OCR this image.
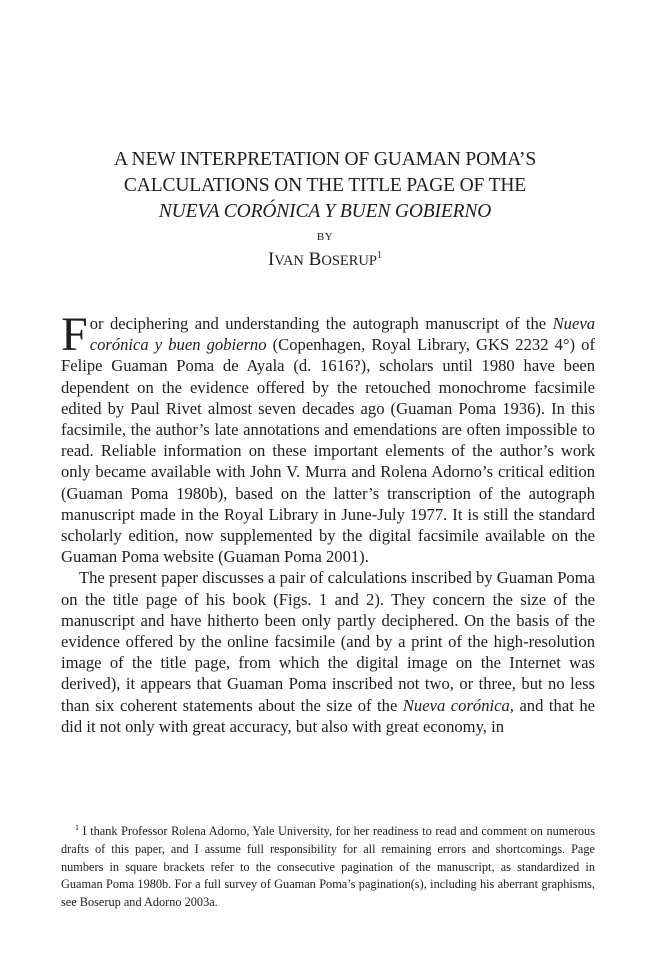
A NEW INTERPRETATION OF GUAMAN POMA’S
CALCULATIONS ON THE TITLE PAGE OF THE
NUEVA CORÓNICA Y BUEN GOBIERNO
BY
IVAN BOSERUP$^1$

For deciphering and understanding the autograph manuscript of the Nueva corónica y buen gobierno (Copenhagen, Royal Library, GKS 2232 4°) of Felipe Guaman Poma de Ayala (d. 1616?), scholars until 1980 have been dependent on the evidence offered by the retouched monochrome facsimile edited by Paul Rivet almost seven decades ago (Guaman Poma 1936). In this facsimile, the author’s late annotations and emendations are often impossible to read. Reliable information on these important elements of the author’s work only became available with John V. Murra and Rolena Adorno’s critical edition (Guaman Poma 1980b), based on the latter’s transcription of the autograph manuscript made in the Royal Library in June-July 1977. It is still the standard scholarly edition, now supplemented by the digital facsimile available on the Guaman Poma website (Guaman Poma 2001).

The present paper discusses a pair of calculations inscribed by Guaman Poma on the title page of his book (Figs. 1 and 2). They concern the size of the manuscript and have hitherto been only partly deciphered. On the basis of the evidence offered by the online facsimile (and by a print of the high-resolution image of the title page, from which the digital image on the Internet was derived), it appears that Guaman Poma inscribed not two, or three, but no less than six coherent statements about the size of the Nueva corónica, and that he did it not only with great accuracy, but also with great economy, in

$^1$ I thank Professor Rolena Adorno, Yale University, for her readiness to read and comment on numerous drafts of this paper, and I assume full responsibility for all remaining errors and shortcomings. Page numbers in square brackets refer to the consecutive pagination of the manuscript, as standardized in Guaman Poma 1980b. For a full survey of Guaman Poma’s pagination(s), including his aberrant graphisms, see Boserup and Adorno 2003a.
